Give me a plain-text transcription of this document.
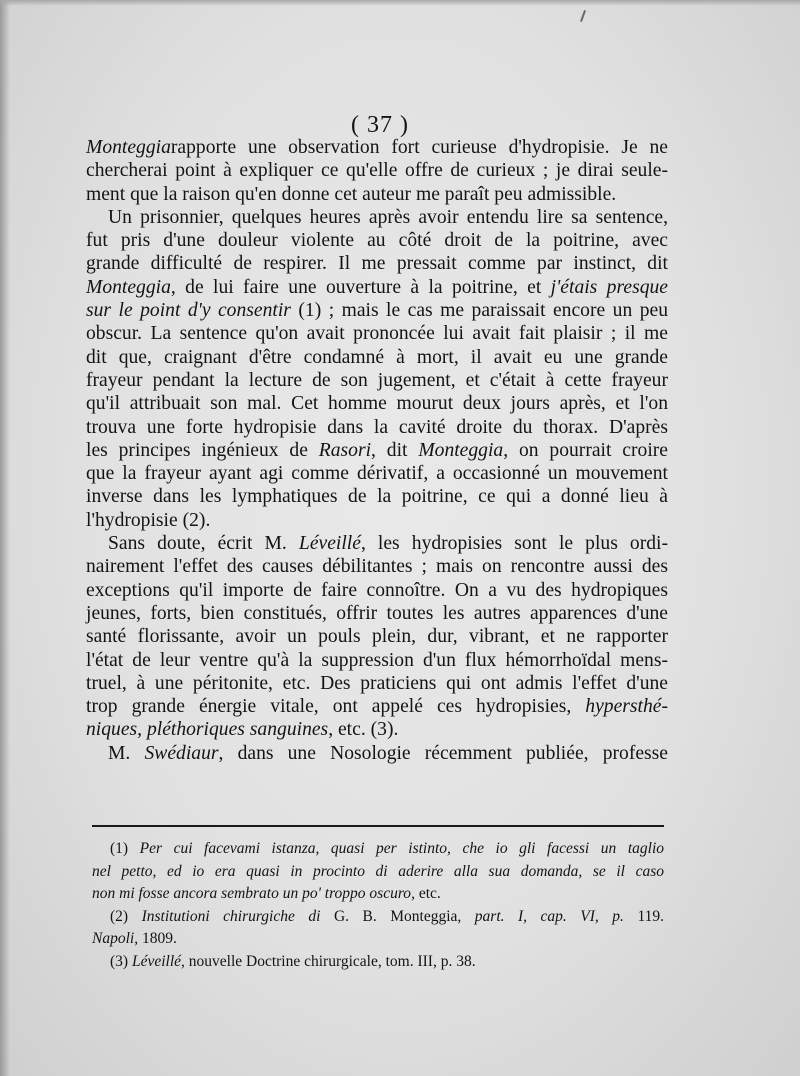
( 37 )
Monteggiarapporte une observation fort curieuse d'hydropisie. Je ne
chercherai point à expliquer ce qu'elle offre de curieux ; je dirai seule-
ment que la raison qu'en donne cet auteur me paraît peu admissible.
Un prisonnier, quelques heures après avoir entendu lire sa sentence,
fut pris d'une douleur violente au côté droit de la poitrine, avec
grande difficulté de respirer. Il me pressait comme par instinct, dit
Monteggia, de lui faire une ouverture à la poitrine, et j'étais presque
sur le point d'y consentir (1) ; mais le cas me paraissait encore un peu
obscur. La sentence qu'on avait prononcée lui avait fait plaisir ; il me
dit que, craignant d'être condamné à mort, il avait eu une grande
frayeur pendant la lecture de son jugement, et c'était à cette frayeur
qu'il attribuait son mal. Cet homme mourut deux jours après, et l'on
trouva une forte hydropisie dans la cavité droite du thorax. D'après
les principes ingénieux de Rasori, dit Monteggia, on pourrait croire
que la frayeur ayant agi comme dérivatif, a occasionné un mouvement
inverse dans les lymphatiques de la poitrine, ce qui a donné lieu à
l'hydropisie (2).
Sans doute, écrit M. Léveillé, les hydropisies sont le plus ordi-
nairement l'effet des causes débilitantes ; mais on rencontre aussi des
exceptions qu'il importe de faire connoître. On a vu des hydropiques
jeunes, forts, bien constitués, offrir toutes les autres apparences d'une
santé florissante, avoir un pouls plein, dur, vibrant, et ne rapporter
l'état de leur ventre qu'à la suppression d'un flux hémorrhoïdal mens-
truel, à une péritonite, etc. Des praticiens qui ont admis l'effet d'une
trop grande énergie vitale, ont appelé ces hydropisies, hypersthé-
niques, pléthoriques sanguines, etc. (3).
M. Swédiaur, dans une Nosologie récemment publiée, professe
(1) Per cui facevami istanza, quasi per istinto, che io gli facessi un taglio
nel petto, ed io era quasi in procinto di aderire alla sua domanda, se il caso
non mi fosse ancora sembrato un po' troppo oscuro, etc.
(2) Institutioni chirurgiche di G. B. Monteggia, part. I, cap. VI, p. 119.
Napoli, 1809.
(3) Léveillé, nouvelle Doctrine chirurgicale, tom. III, p. 38.
